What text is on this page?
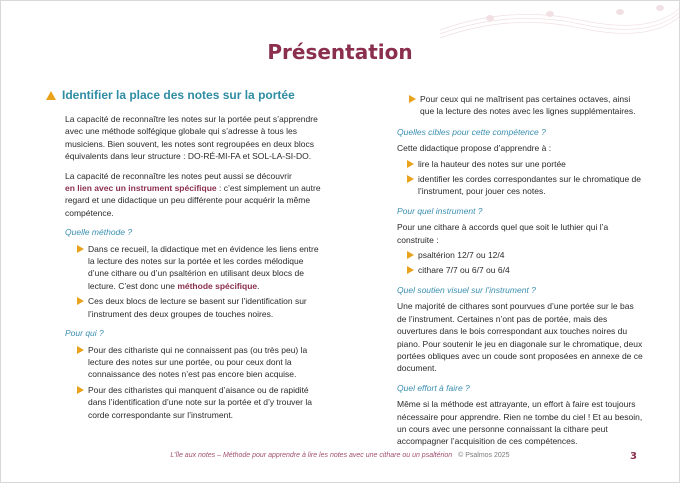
Présentation
Identifier la place des notes sur la portée

La capacité de reconnaître les notes sur la portée peut s’apprendre avec une méthode solfégique globale qui s’adresse à tous les musiciens. Bien souvent, les notes sont regroupées en deux blocs équivalents dans leur structure : DO-RÉ-MI-FA et SOL-LA-SI-DO.

La capacité de reconnaître les notes peut aussi se découvrir
en lien avec un instrument spécifique : c’est simplement un autre regard et une didactique un peu différente pour acquérir la même compétence.

Quelle méthode ?
Dans ce recueil, la didactique met en évidence les liens entre la lecture des notes sur la portée et les cordes mélodique d’une cithare ou d’un psaltérion en utilisant deux blocs de lecture. C’est donc une méthode spécifique.
Ces deux blocs de lecture se basent sur l’identification sur l’instrument des deux groupes de touches noires.
Pour qui ?
Pour des cithariste qui ne connaissent pas (ou très peu) la lecture des notes sur une portée, ou pour ceux dont la connaissance des notes n’est pas encore bien acquise.
Pour des citharistes qui manquent d’aisance ou de rapidité dans l’identification d’une note sur la portée et d’y trouver la corde correspondante sur l’instrument.
Pour ceux qui ne maîtrisent pas certaines octaves, ainsi que la lecture des notes avec les lignes supplémentaires.
Quelles cibles pour cette compétence ?

Cette didactique propose d’apprendre à :

lire la hauteur des notes sur une portée
identifier les cordes correspondantes sur le chromatique de l’instrument, pour jouer ces notes.
Pour quel instrument ?

Pour une cithare à accords quel que soit le luthier qui l’a construite :

psaltérion 12/7 ou 12/4
cithare 7/7 ou 6/7 ou 6/4
Quel soutien visuel sur l’instrument ?

Une majorité de cithares sont pourvues d’une portée sur le bas de l’instrument. Certaines n’ont pas de portée, mais des ouvertures dans le bois correspondant aux touches noires du piano. Pour soutenir le jeu en diagonale sur le chromatique, deux portées obliques avec un coude sont proposées en annexe de ce document.

Quel effort à faire ?

Même si la méthode est attrayante, un effort à faire est toujours nécessaire pour apprendre. Rien ne tombe du ciel ! Et au besoin, un cours avec une personne connaissant la cithare peut accompagner l’acquisition de ces compétences.

L’île aux notes – Méthode pour apprendre à lire les notes avec une cithare ou un psaltérion © Psalmos 2025	3
